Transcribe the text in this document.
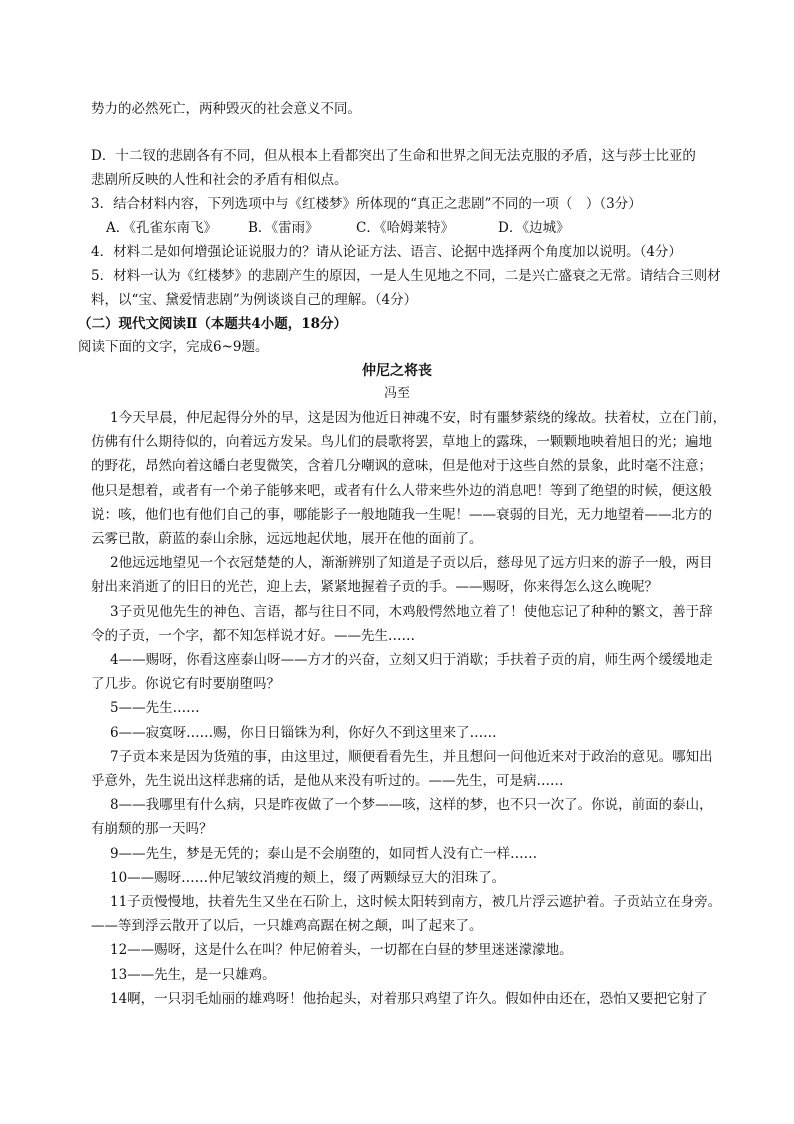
势力的必然死亡，两种毁灭的社会意义不同。
D．十二钗的悲剧各有不同，但从根本上看都突出了生命和世界之间无法克服的矛盾，这与莎士比亚的
悲剧所反映的人性和社会的矛盾有相似点。
3．结合材料内容，下列选项中与《红楼梦》所体现的“真正之悲剧”不同的一项（　）（3分）
A．《孔雀东南飞》 B．《雷雨》	C．《哈姆莱特》	D．《边城》
4．材料二是如何增强论证说服力的？请从论证方法、语言、论据中选择两个角度加以说明。（4分）
5．材料一认为《红楼梦》的悲剧产生的原因，一是人生见地之不同，二是兴亡盛衰之无常。请结合三则材
料，以“宝、黛爱情悲剧”为例谈谈自己的理解。（4分）
（二）现代文阅读Ⅱ（本题共4小题，18分）
阅读下面的文字，完成6~9题。
仲尼之将丧
冯至
1今天早晨，仲尼起得分外的早，这是因为他近日神魂不安，时有噩梦萦绕的缘故。扶着杖，立在门前，
仿佛有什么期待似的，向着远方发呆。鸟儿们的晨歌将罢，草地上的露珠，一颗颗地映着旭日的光；遍地
的野花，昂然向着这皤白老叟微笑，含着几分嘲讽的意味，但是他对于这些自然的景象，此时毫不注意；
他只是想着，或者有一个弟子能够来吧，或者有什么人带来些外边的消息吧！等到了绝望的时候，便这般
说：咳，他们也有他们自己的事，哪能影子一般地随我一生呢！——衰弱的目光，无力地望着——北方的
云雾已散，蔚蓝的泰山余脉，远远地起伏地，展开在他的面前了。
2他远远地望见一个衣冠楚楚的人，渐渐辨别了知道是子贡以后，慈母见了远方归来的游子一般，两目
射出来消逝了的旧日的光芒，迎上去，紧紧地握着子贡的手。——赐呀，你来得怎么这么晚呢？
3子贡见他先生的神色、言语，都与往日不同，木鸡般愕然地立着了！使他忘记了种种的繁文，善于辞
令的子贡，一个字，都不知怎样说才好。——先生……
4——赐呀，你看这座泰山呀——方才的兴奋，立刻又归于消歇；手扶着子贡的肩，师生两个缓缓地走
了几步。你说它有时要崩堕吗？
5——先生……
6——寂寞呀……赐，你日日锱铢为利，你好久不到这里来了……
7子贡本来是因为货殖的事，由这里过，顺便看看先生，并且想问一问他近来对于政治的意见。哪知出
乎意外，先生说出这样悲痛的话，是他从来没有听过的。——先生，可是病……
8——我哪里有什么病，只是昨夜做了一个梦——咳，这样的梦，也不只一次了。你说，前面的泰山，
有崩颓的那一天吗？
9——先生，梦是无凭的；泰山是不会崩堕的，如同哲人没有亡一样……
10——赐呀……仲尼皱纹消瘦的颊上，缀了两颗绿豆大的泪珠了。
11子贡慢慢地，扶着先生又坐在石阶上，这时候太阳转到南方，被几片浮云遮护着。子贡站立在身旁。
——等到浮云散开了以后，一只雄鸡高踞在树之颠，叫了起来了。
12——赐呀，这是什么在叫？仲尼俯着头，一切都在白昼的梦里迷迷濛濛地。
13——先生，是一只雄鸡。
14啊，一只羽毛灿丽的雄鸡呀！他抬起头，对着那只鸡望了许久。假如仲由还在，恐怕又要把它射了
